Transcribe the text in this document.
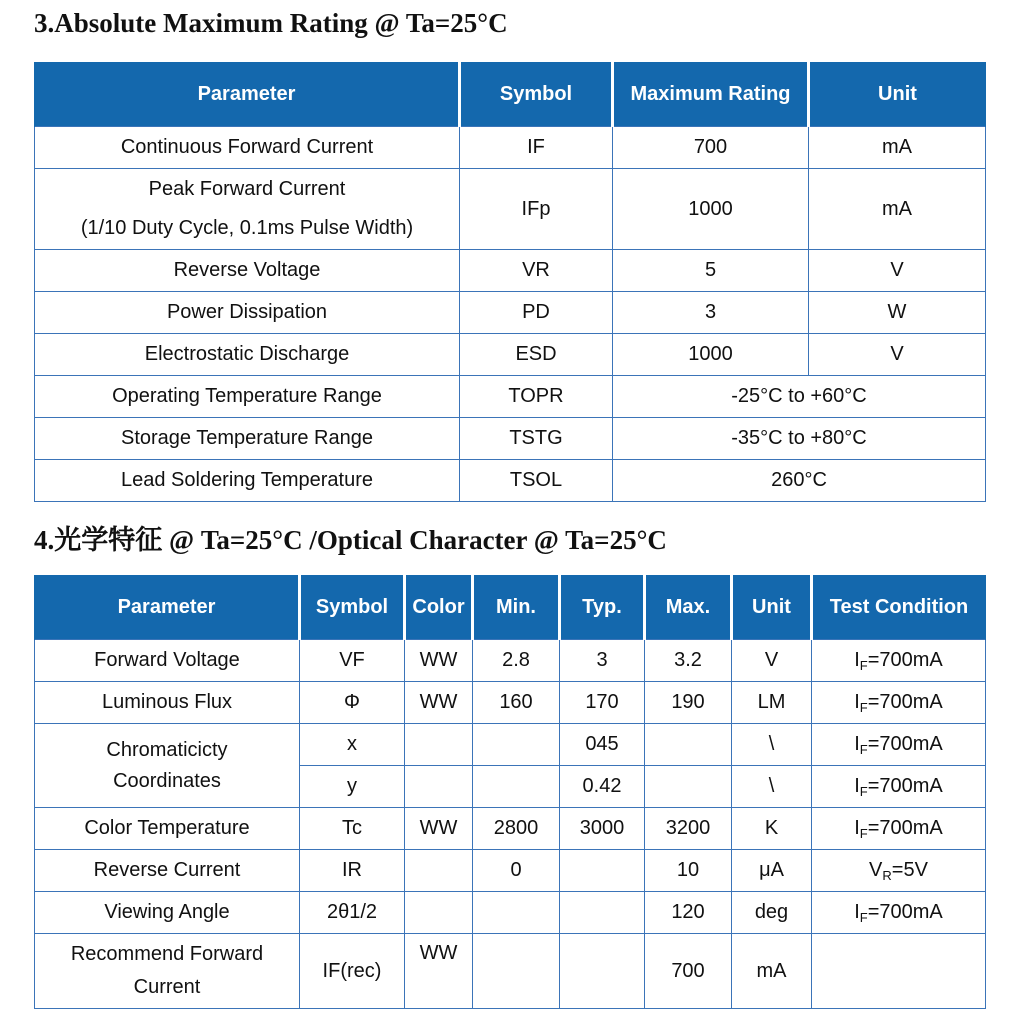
3.Absolute Maximum Rating @ Ta=25°C
Parameter	Symbol	Maximum Rating	Unit
Continuous Forward Current	IF	700	mA

Peak Forward Current
(1/10 Duty Cycle, 0.1ms Pulse Width)	IFp	1000	mA
Reverse Voltage	VR	5	V
Power Dissipation	PD	3	W
Electrostatic Discharge	ESD	1000	V
Operating Temperature Range	TOPR	-25°C to +60°C	
Storage Temperature Range	TSTG	-35°C to +80°C	
Lead Soldering Temperature	TSOL	260°C	
4.光学特征 @ Ta=25°C /Optical Character @ Ta=25°C
Parameter	Symbol	Color	Min.	Typ.	Max.	Unit	Test Condition
Forward Voltage	VF	WW	2.8	3	3.2	V	$I_F=700mA$
Luminous Flux	Φ	WW	160	170	190	LM	$I_F=700mA$

Chromaticicty
Coordinates	x			045		\	$I_F=700mA$
	y			0.42		\	$I_F=700mA$
Color Temperature	Tc	WW	2800	3000	3200	K	$I_F=700mA$
Reverse Current	IR		0		10	μA	$V_R=5V$
Viewing Angle	2θ1/2				120	deg	$I_F=700mA$

Recommend Forward
Current	IF(rec)	WW			700	mA	
